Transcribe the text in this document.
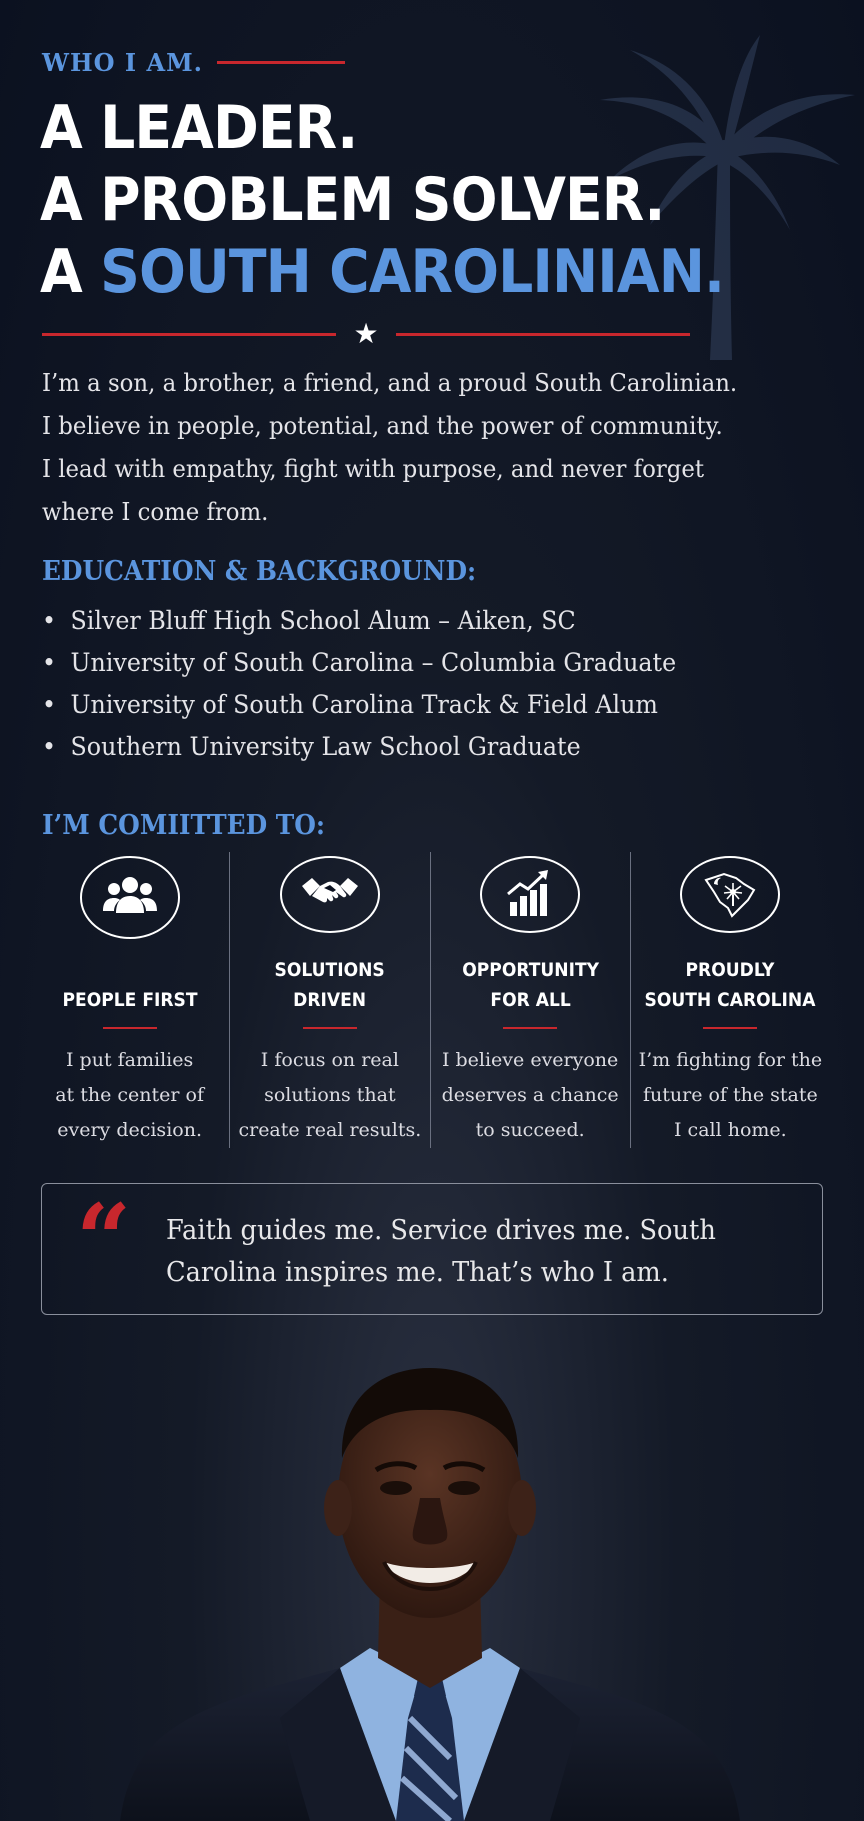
WHO I AM.
A LEADER.
A PROBLEM SOLVER.
A SOUTH CAROLINIAN.
★
I’m a son, a brother, a friend, and a proud South Carolinian.
I believe in people, potential, and the power of community.
I lead with empathy, fight with purpose, and never forget
where I come from.
EDUCATION & BACKGROUND:
• Silver Bluff High School Alum – Aiken, SC
• University of South Carolina – Columbia Graduate
• University of South Carolina Track & Field Alum
• Southern University Law School Graduate
I’M COMIITTED TO:
PEOPLE FIRST
I put families
at the center of
every decision.
SOLUTIONS DRIVEN
I focus on real
solutions that
create real results.
OPPORTUNITY FOR ALL
I believe everyone
deserves a chance
to succeed.
PROUDLY
SOUTH CAROLINA
I’m fighting for the
future of the state
I call home.
“ Faith guides me. Service drives me. South Carolina inspires me. That’s who I am.
